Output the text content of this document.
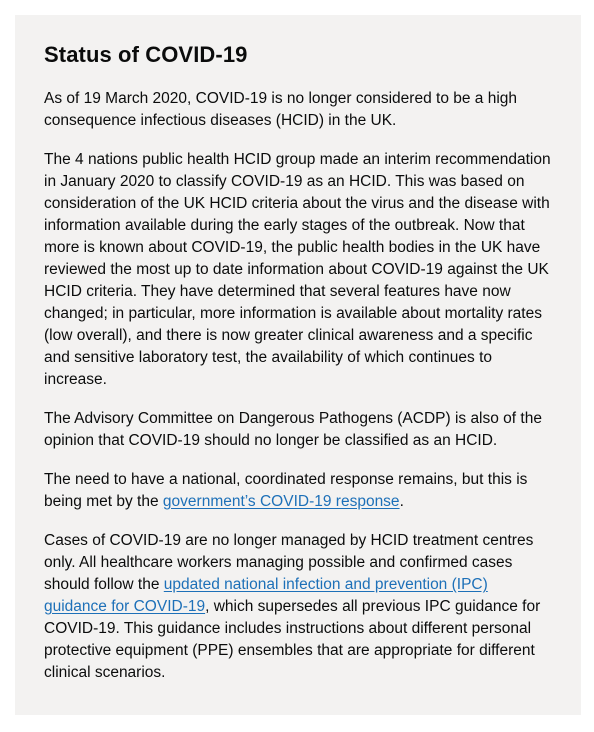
Status of COVID-19

As of 19 March 2020, COVID-19 is no longer considered to be a high consequence infectious diseases (HCID) in the UK.

The 4 nations public health HCID group made an interim recommendation in January 2020 to classify COVID-19 as an HCID. This was based on consideration of the UK HCID criteria about the virus and the disease with information available during the early stages of the outbreak. Now that more is known about COVID-19, the public health bodies in the UK have reviewed the most up to date information about COVID-19 against the UK HCID criteria. They have determined that several features have now changed; in particular, more information is available about mortality rates (low overall), and there is now greater clinical awareness and a specific and sensitive laboratory test, the availability of which continues to increase.

The Advisory Committee on Dangerous Pathogens (ACDP) is also of the opinion that COVID-19 should no longer be classified as an HCID.

The need to have a national, coordinated response remains, but this is being met by the government’s COVID-19 response.

Cases of COVID-19 are no longer managed by HCID treatment centres only. All healthcare workers managing possible and confirmed cases should follow the updated national infection and prevention (IPC) guidance for COVID-19, which supersedes all previous IPC guidance for COVID-19. This guidance includes instructions about different personal protective equipment (PPE) ensembles that are appropriate for different clinical scenarios.
